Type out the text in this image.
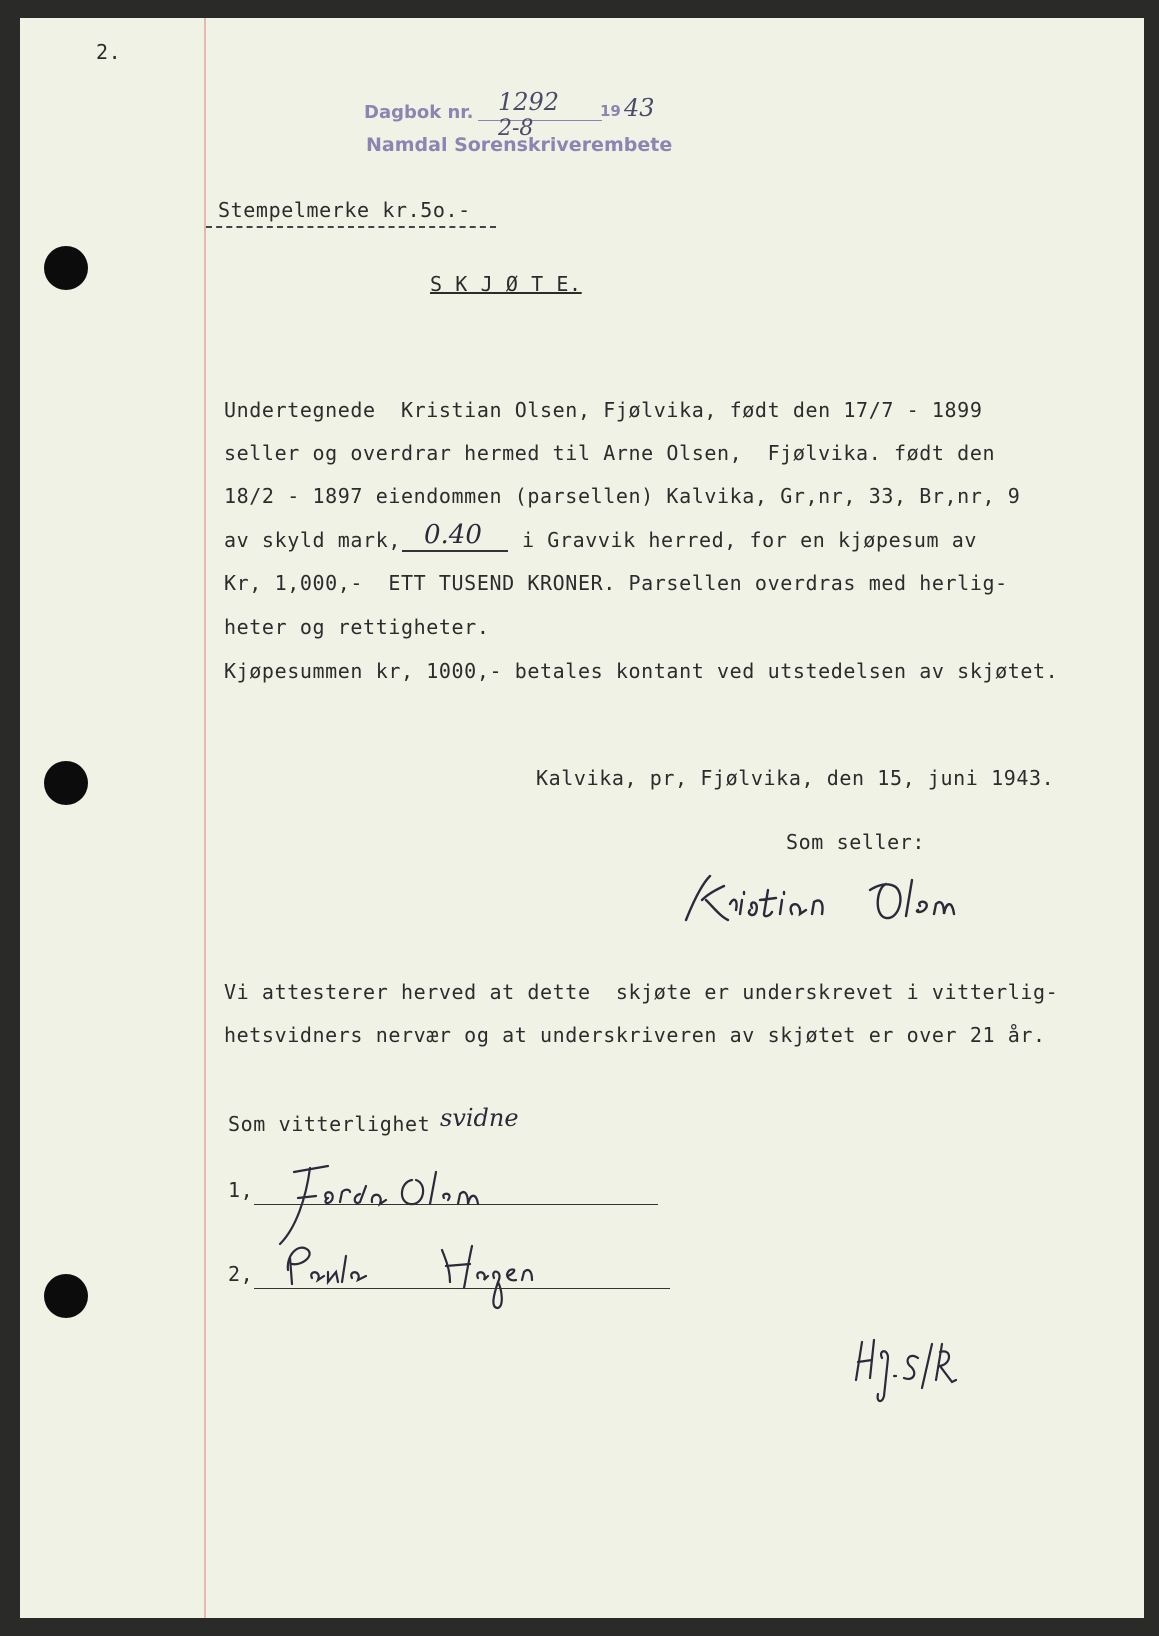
2.
Dagbok nr. 1292	19 43
2-8
Namdal Sorenskriverembete
Stempelmerke kr.5o.-
S K J Ø T E.
Undertegnede  Kristian Olsen, Fjølvika, født den 17/7 - 1899
seller og overdrar hermed til Arne Olsen,  Fjølvika. født den
18/2 - 1897 eiendommen (parsellen) Kalvika, Gr,nr, 33, Br,nr, 9
av skyld mark, 0.40 i Gravvik herred, for en kjøpesum av
Kr, 1,000,-  ETT TUSEND KRONER. Parsellen overdras med herlig-
heter og rettigheter.
Kjøpesummen kr, 1000,- betales kontant ved utstedelsen av skjøtet.
Kalvika, pr, Fjølvika, den 15, juni 1943.
Som seller:
Vi attesterer herved at dette  skjøte er underskrevet i vitterlig-
hetsvidners nervær og at underskriveren av skjøtet er over 21 år.
Som vitterlighet svidne
1,
2,
